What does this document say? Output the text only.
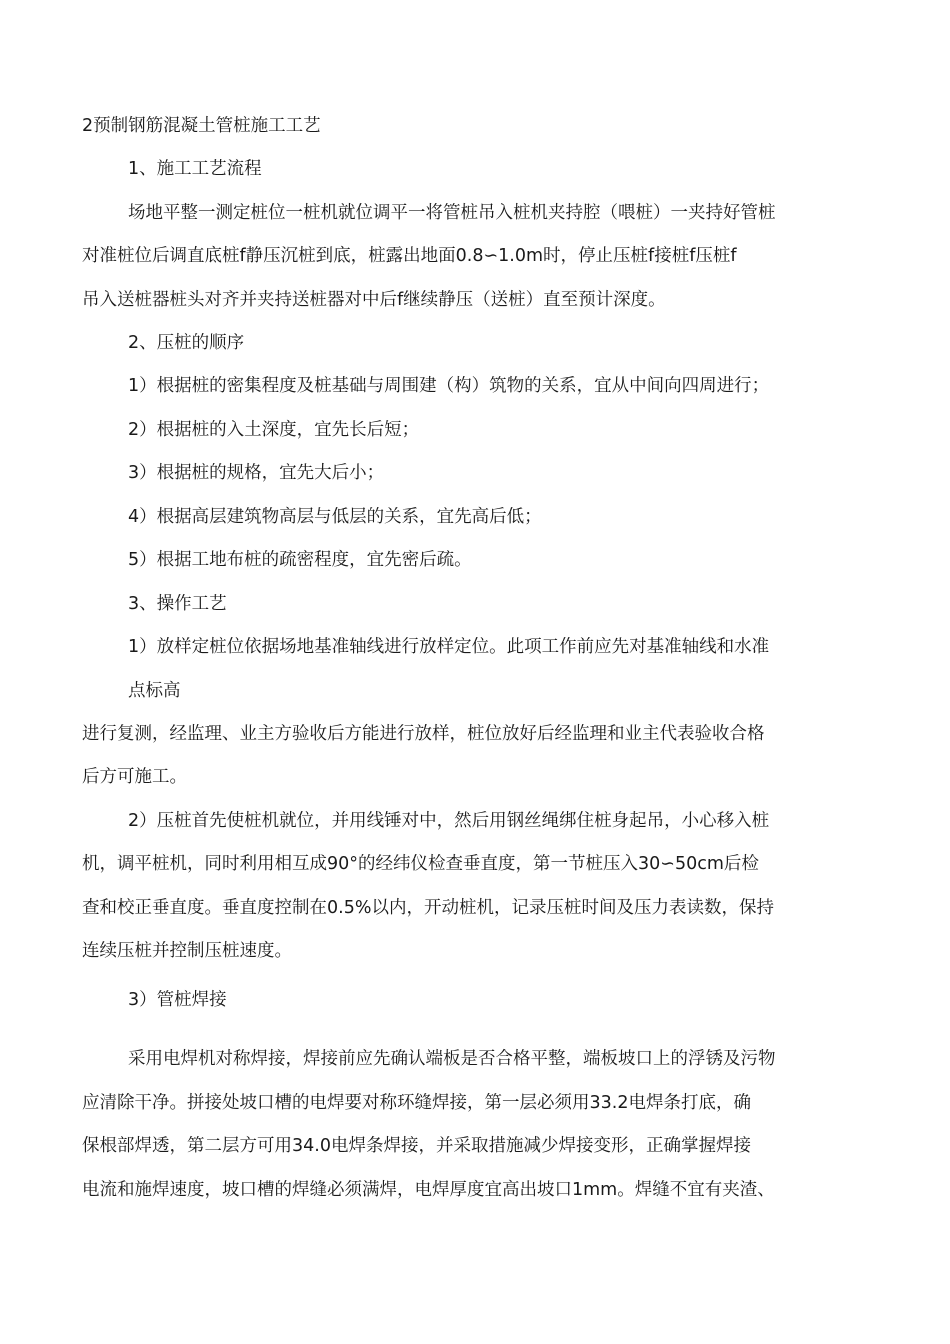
2预制钢筋混凝土管桩施工工艺

1、施工工艺流程

场地平整一测定桩位一桩机就位调平一将管桩吊入桩机夹持腔（喂桩）一夹持好管桩

对准桩位后调直底桩f静压沉桩到底，桩露出地面0.8∽1.0m时，停止压桩f接桩f压桩f

吊入送桩器桩头对齐并夹持送桩器对中后f继续静压（送桩）直至预计深度。

2、压桩的顺序

1）根据桩的密集程度及桩基础与周围建（构）筑物的关系，宜从中间向四周进行；

2）根据桩的入土深度，宜先长后短；

3）根据桩的规格，宜先大后小；

4）根据高层建筑物高层与低层的关系，宜先高后低；

5）根据工地布桩的疏密程度，宜先密后疏。

3、操作工艺

1）放样定桩位依据场地基准轴线进行放样定位。此项工作前应先对基准轴线和水准

点标高

进行复测，经监理、业主方验收后方能进行放样，桩位放好后经监理和业主代表验收合格

后方可施工。

2）压桩首先使桩机就位，并用线锤对中，然后用钢丝绳绑住桩身起吊，小心移入桩

机，调平桩机，同时利用相互成90°的经纬仪检查垂直度，第一节桩压入30∽50cm后检

查和校正垂直度。垂直度控制在0.5%以内，开动桩机，记录压桩时间及压力表读数，保持

连续压桩并控制压桩速度。

3）管桩焊接

采用电焊机对称焊接，焊接前应先确认端板是否合格平整，端板坡口上的浮锈及污物

应清除干净。拼接处坡口槽的电焊要对称环缝焊接，第一层必须用33.2电焊条打底，确

保根部焊透，第二层方可用34.0电焊条焊接，并采取措施减少焊接变形，正确掌握焊接

电流和施焊速度，坡口槽的焊缝必须满焊，电焊厚度宜高出坡口1mm。焊缝不宜有夹渣、
